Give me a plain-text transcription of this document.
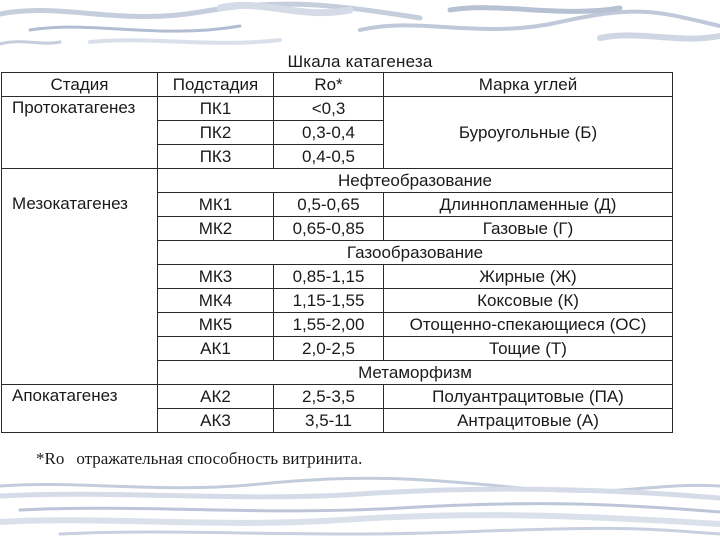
Шкала катагенеза
Стадия	Подстадия	Ro*	Марка углей
Протокатагенез	ПК1	<0,3	Буроугольные (Б)
	ПК2	0,3-0,4	
	ПК3	0,4-0,5	

Мезокатагенез	Нефтеобразование		
	МК1	0,5-0,65	Длиннопламенные (Д)
	МК2	0,65-0,85	Газовые (Г)
	Газообразование		
	МК3	0,85-1,15	Жирные (Ж)
	МК4	1,15-1,55	Коксовые (К)
	МК5	1,55-2,00	Отощенно-спекающиеся (ОС)
	АК1	2,0-2,5	Тощие (Т)
	Метаморфизм		
Апокатагенез	АК2	2,5-3,5	Полуантрацитовые (ПА)
	АК3	3,5-11	Антрацитовые (А)
*Ro отражательная способность витринита.
